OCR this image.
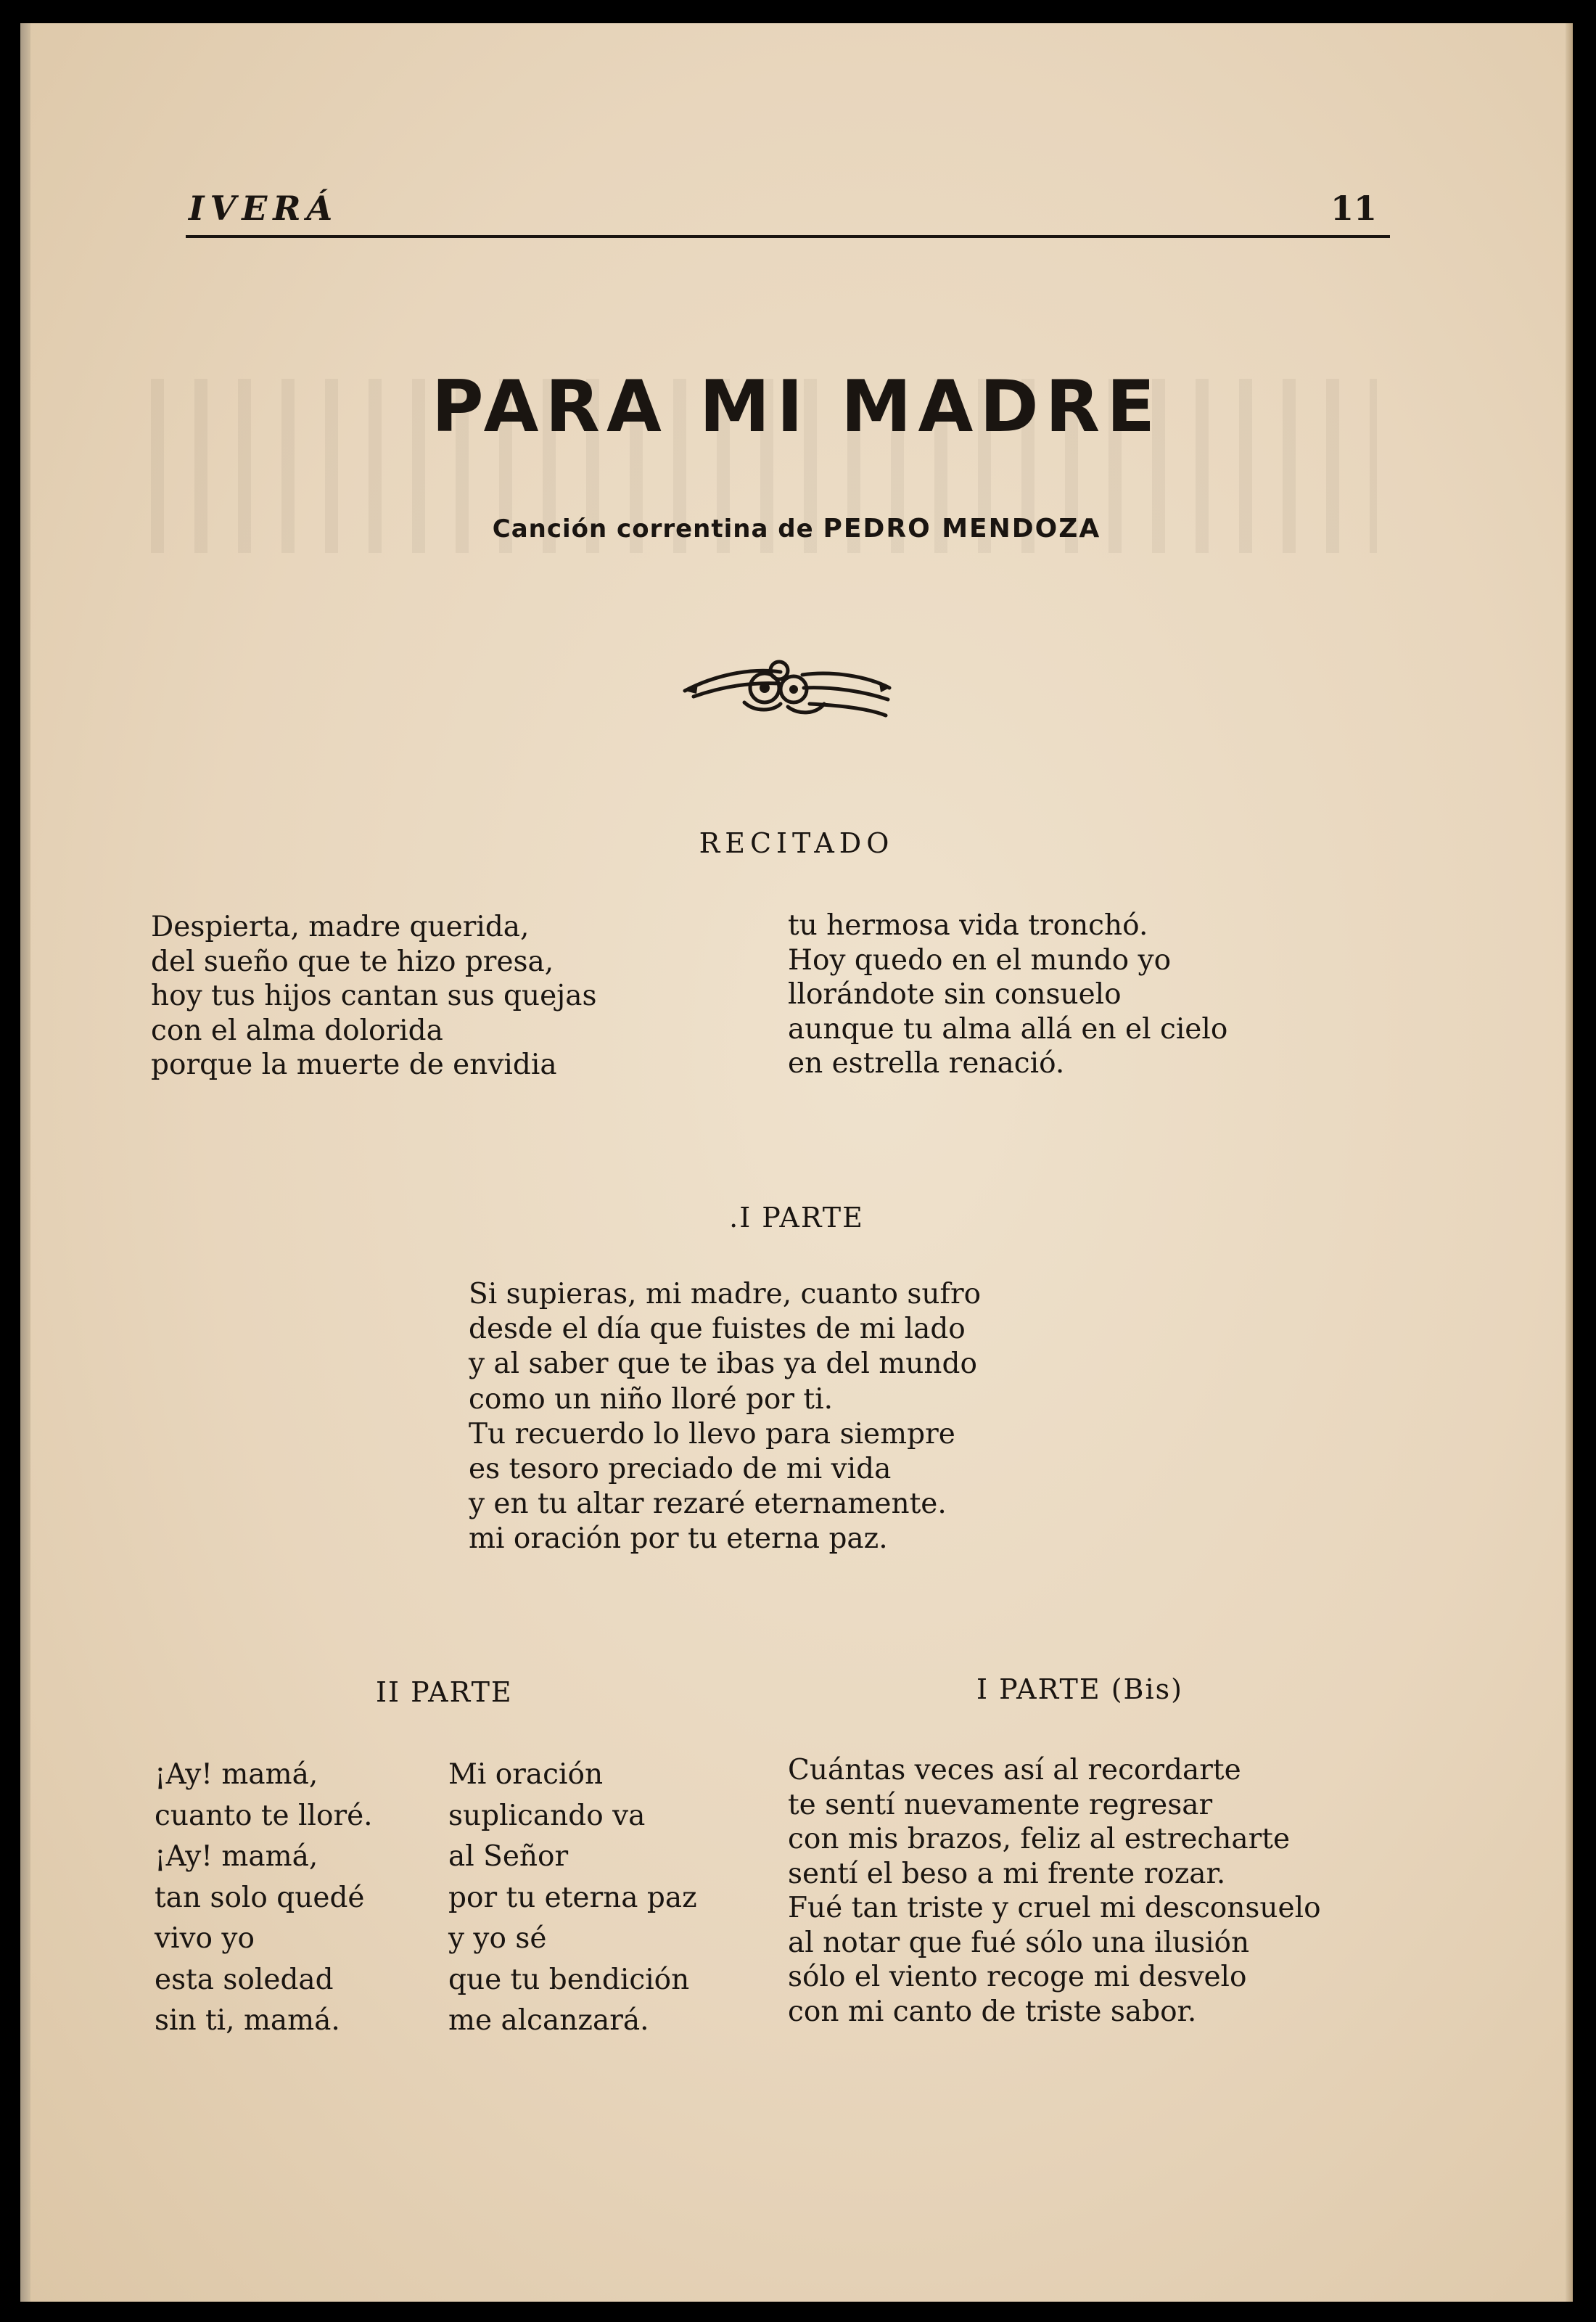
IVERÁ	11
PARA MI MADRE
Canción correntina de PEDRO MENDOZA
RECITADO
Despierta, madre querida,
del sueño que te hizo presa,
hoy tus hijos cantan sus quejas
con el alma dolorida
porque la muerte de envidia
tu hermosa vida tronchó.
Hoy quedo en el mundo yo
llorándote sin consuelo
aunque tu alma allá en el cielo
en estrella renació.
.I PARTE
Si supieras, mi madre, cuanto sufro
desde el día que fuistes de mi lado
y al saber que te ibas ya del mundo
como un niño lloré por ti.
Tu recuerdo lo llevo para siempre
es tesoro preciado de mi vida
y en tu altar rezaré eternamente.
mi oración por tu eterna paz.
II PARTE
¡Ay! mamá,
cuanto te lloré.
¡Ay! mamá,
tan solo quedé
vivo yo
esta soledad
sin ti, mamá.
Mi oración
suplicando va
al Señor
por tu eterna paz
y yo sé
que tu bendición
me alcanzará.
I PARTE (Bis)
Cuántas veces así al recordarte
te sentí nuevamente regresar
con mis brazos, feliz al estrecharte
sentí el beso a mi frente rozar.
Fué tan triste y cruel mi desconsuelo
al notar que fué sólo una ilusión
sólo el viento recoge mi desvelo
con mi canto de triste sabor.
